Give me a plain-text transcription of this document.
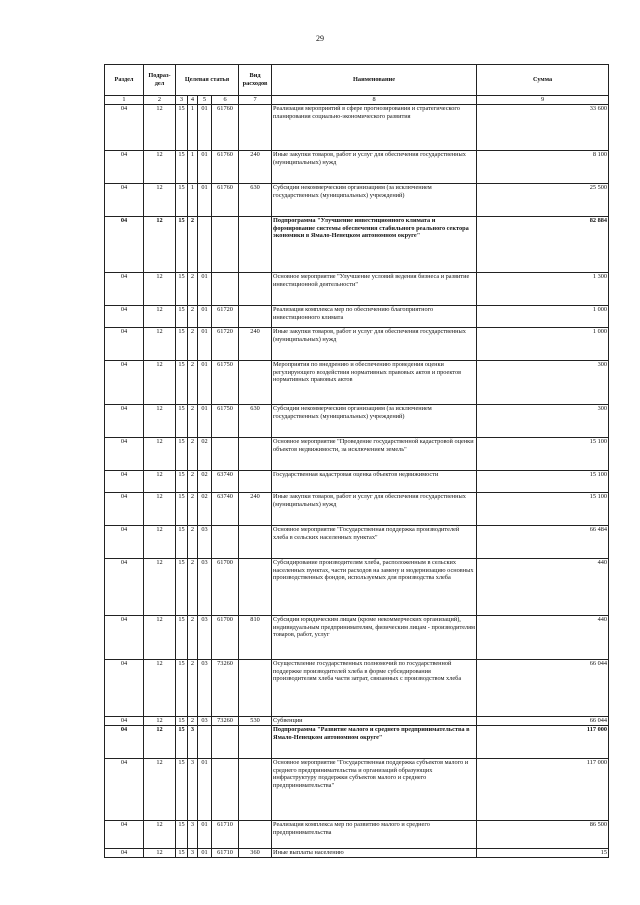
29
Раздел	Подраз-дел	Целевая статья				Вид расходов	Наименование	Сумма
1	2	3	4	5	6	7	8	9
04	12	15	1	01	61760		Реализация мероприятий в сфере прогнозирования и стратегического планирования социально-экономического развития	33 600
04	12	15	1	01	61760	240	Иные закупки товаров, работ и услуг для обеспечения государственных (муниципальных) нужд	8 100
04	12	15	1	01	61760	630	Субсидии некоммерческим организациям (за исключением государственных (муниципальных) учреждений)	25 500
04	12	15	2				Подпрограмма "Улучшение инвестиционного климата и формирование системы обеспечения стабильного реального сектора экономики в Ямало-Ненецком автономном округе"	82 884
04	12	15	2	01			Основное мероприятие "Улучшение условий ведения бизнеса и развитие инвестиционной деятельности"	1 300
04	12	15	2	01	61720		Реализация комплекса мер по обеспечению благоприятного инвестиционного климата	1 000
04	12	15	2	01	61720	240	Иные закупки товаров, работ и услуг для обеспечения государственных (муниципальных) нужд	1 000
04	12	15	2	01	61750		Мероприятия по внедрению и обеспечению проведения оценки регулирующего воздействия нормативных правовых актов и проектов нормативных правовых актов	300
04	12	15	2	01	61750	630	Субсидии некоммерческим организациям (за исключением государственных (муниципальных) учреждений)	300
04	12	15	2	02			Основное мероприятие "Проведение государственной кадастровой оценки объектов недвижимости, за исключением земель"	15 100
04	12	15	2	02	63740		Государственная кадастровая оценка объектов недвижимости	15 100
04	12	15	2	02	63740	240	Иные закупки товаров, работ и услуг для обеспечения государственных (муниципальных) нужд	15 100
04	12	15	2	03			Основное мероприятие "Государственная поддержка производителей хлеба в сельских населенных пунктах"	66 484
04	12	15	2	03	61700		Субсидирование производителям хлеба, расположенным в сельских населенных пунктах, части расходов на замену и модернизацию основных производственных фондов, используемых для производства хлеба	440
04	12	15	2	03	61700	810	Субсидии юридическим лицам (кроме некоммерческих организаций), индивидуальным предпринимателям, физическим лицам - производителям товаров, работ, услуг	440
04	12	15	2	03	73260		Осуществление государственных полномочий по государственной поддержке производителей хлеба в форме субсидирования производителям хлеба части затрат, связанных с производством хлеба	66 044
04	12	15	2	03	73260	530	Субвенции	66 044
04	12	15	3				Подпрограмма "Развитие малого и среднего предпринимательства в Ямало-Ненецком автономном округе"	117 000
04	12	15	3	01			Основное мероприятие "Государственная поддержка субъектов малого и среднего предпринимательства и организаций образующих инфраструктуру поддержки субъектов малого и среднего предпринимательства"	117 000
04	12	15	3	01	61710		Реализация комплекса мер по развитию малого и среднего предпринимательства	86 500
04	12	15	3	01	61710	360	Иные выплаты населению	15
